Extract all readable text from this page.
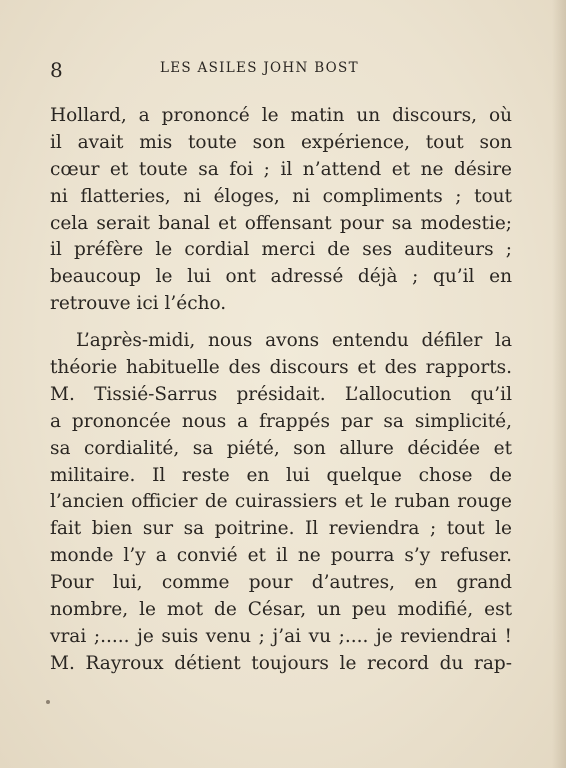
8	LES ASILES JOHN BOST
Hollard, a prononcé le matin un discours, où
il avait mis toute son expérience, tout son
cœur et toute sa foi ; il n’attend et ne désire
ni flatteries, ni éloges, ni compliments ; tout
cela serait banal et offensant pour sa modestie;
il préfère le cordial merci de ses auditeurs ;
beaucoup le lui ont adressé déjà ; qu’il en
retrouve ici l’écho.
L’après-midi, nous avons entendu défiler la
théorie habituelle des discours et des rapports.
M. Tissié-Sarrus présidait. L’allocution qu’il
a prononcée nous a frappés par sa simplicité,
sa cordialité, sa piété, son allure décidée et
militaire. Il reste en lui quelque chose de
l’ancien officier de cuirassiers et le ruban rouge
fait bien sur sa poitrine. Il reviendra ; tout le
monde l’y a convié et il ne pourra s’y refuser.
Pour lui, comme pour d’autres, en grand
nombre, le mot de César, un peu modifié, est
vrai ;..... je suis venu ; j’ai vu ;.... je reviendrai !
M. Rayroux détient toujours le record du rap-
